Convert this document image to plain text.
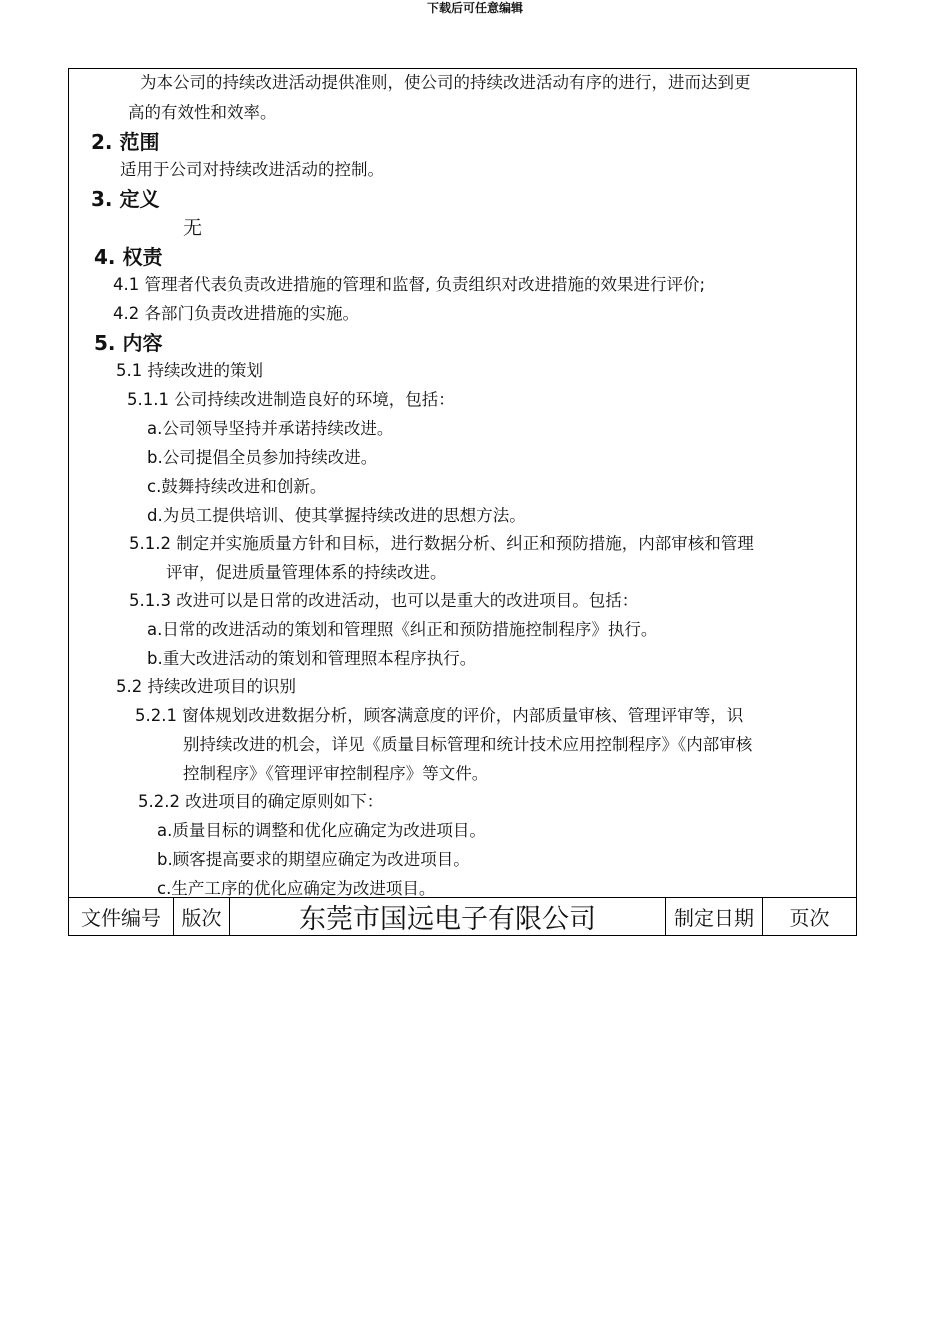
下载后可任意编辑
为本公司的持续改进活动提供准则，使公司的持续改进活动有序的进行，进而达到更
高的有效性和效率。
2. 范围
适用于公司对持续改进活动的控制。
3. 定义
无
4. 权责
4.1 管理者代表负责改进措施的管理和监督, 负责组织对改进措施的效果进行评价;
4.2 各部门负责改进措施的实施。
5. 内容
5.1 持续改进的策划
5.1.1 公司持续改进制造良好的环境，包括：
a.公司领导坚持并承诺持续改进。
b.公司提倡全员参加持续改进。
c.鼓舞持续改进和创新。
d.为员工提供培训、使其掌握持续改进的思想方法。
5.1.2 制定并实施质量方针和目标，进行数据分析、纠正和预防措施，内部审核和管理
评审，促进质量管理体系的持续改进。
5.1.3 改进可以是日常的改进活动，也可以是重大的改进项目。包括：
a.日常的改进活动的策划和管理照《纠正和预防措施控制程序》执行。
b.重大改进活动的策划和管理照本程序执行。
5.2 持续改进项目的识别
5.2.1 窗体规划改进数据分析，顾客满意度的评价，内部质量审核、管理评审等，识
别持续改进的机会，详见《质量目标管理和统计技术应用控制程序》《内部审核
控制程序》《管理评审控制程序》等文件。
5.2.2 改进项目的确定原则如下：
a.质量目标的调整和优化应确定为改进项目。
b.顾客提高要求的期望应确定为改进项目。
c.生产工序的优化应确定为改进项目。
文件编号	版次	东莞市国远电子有限公司	制定日期	页次
